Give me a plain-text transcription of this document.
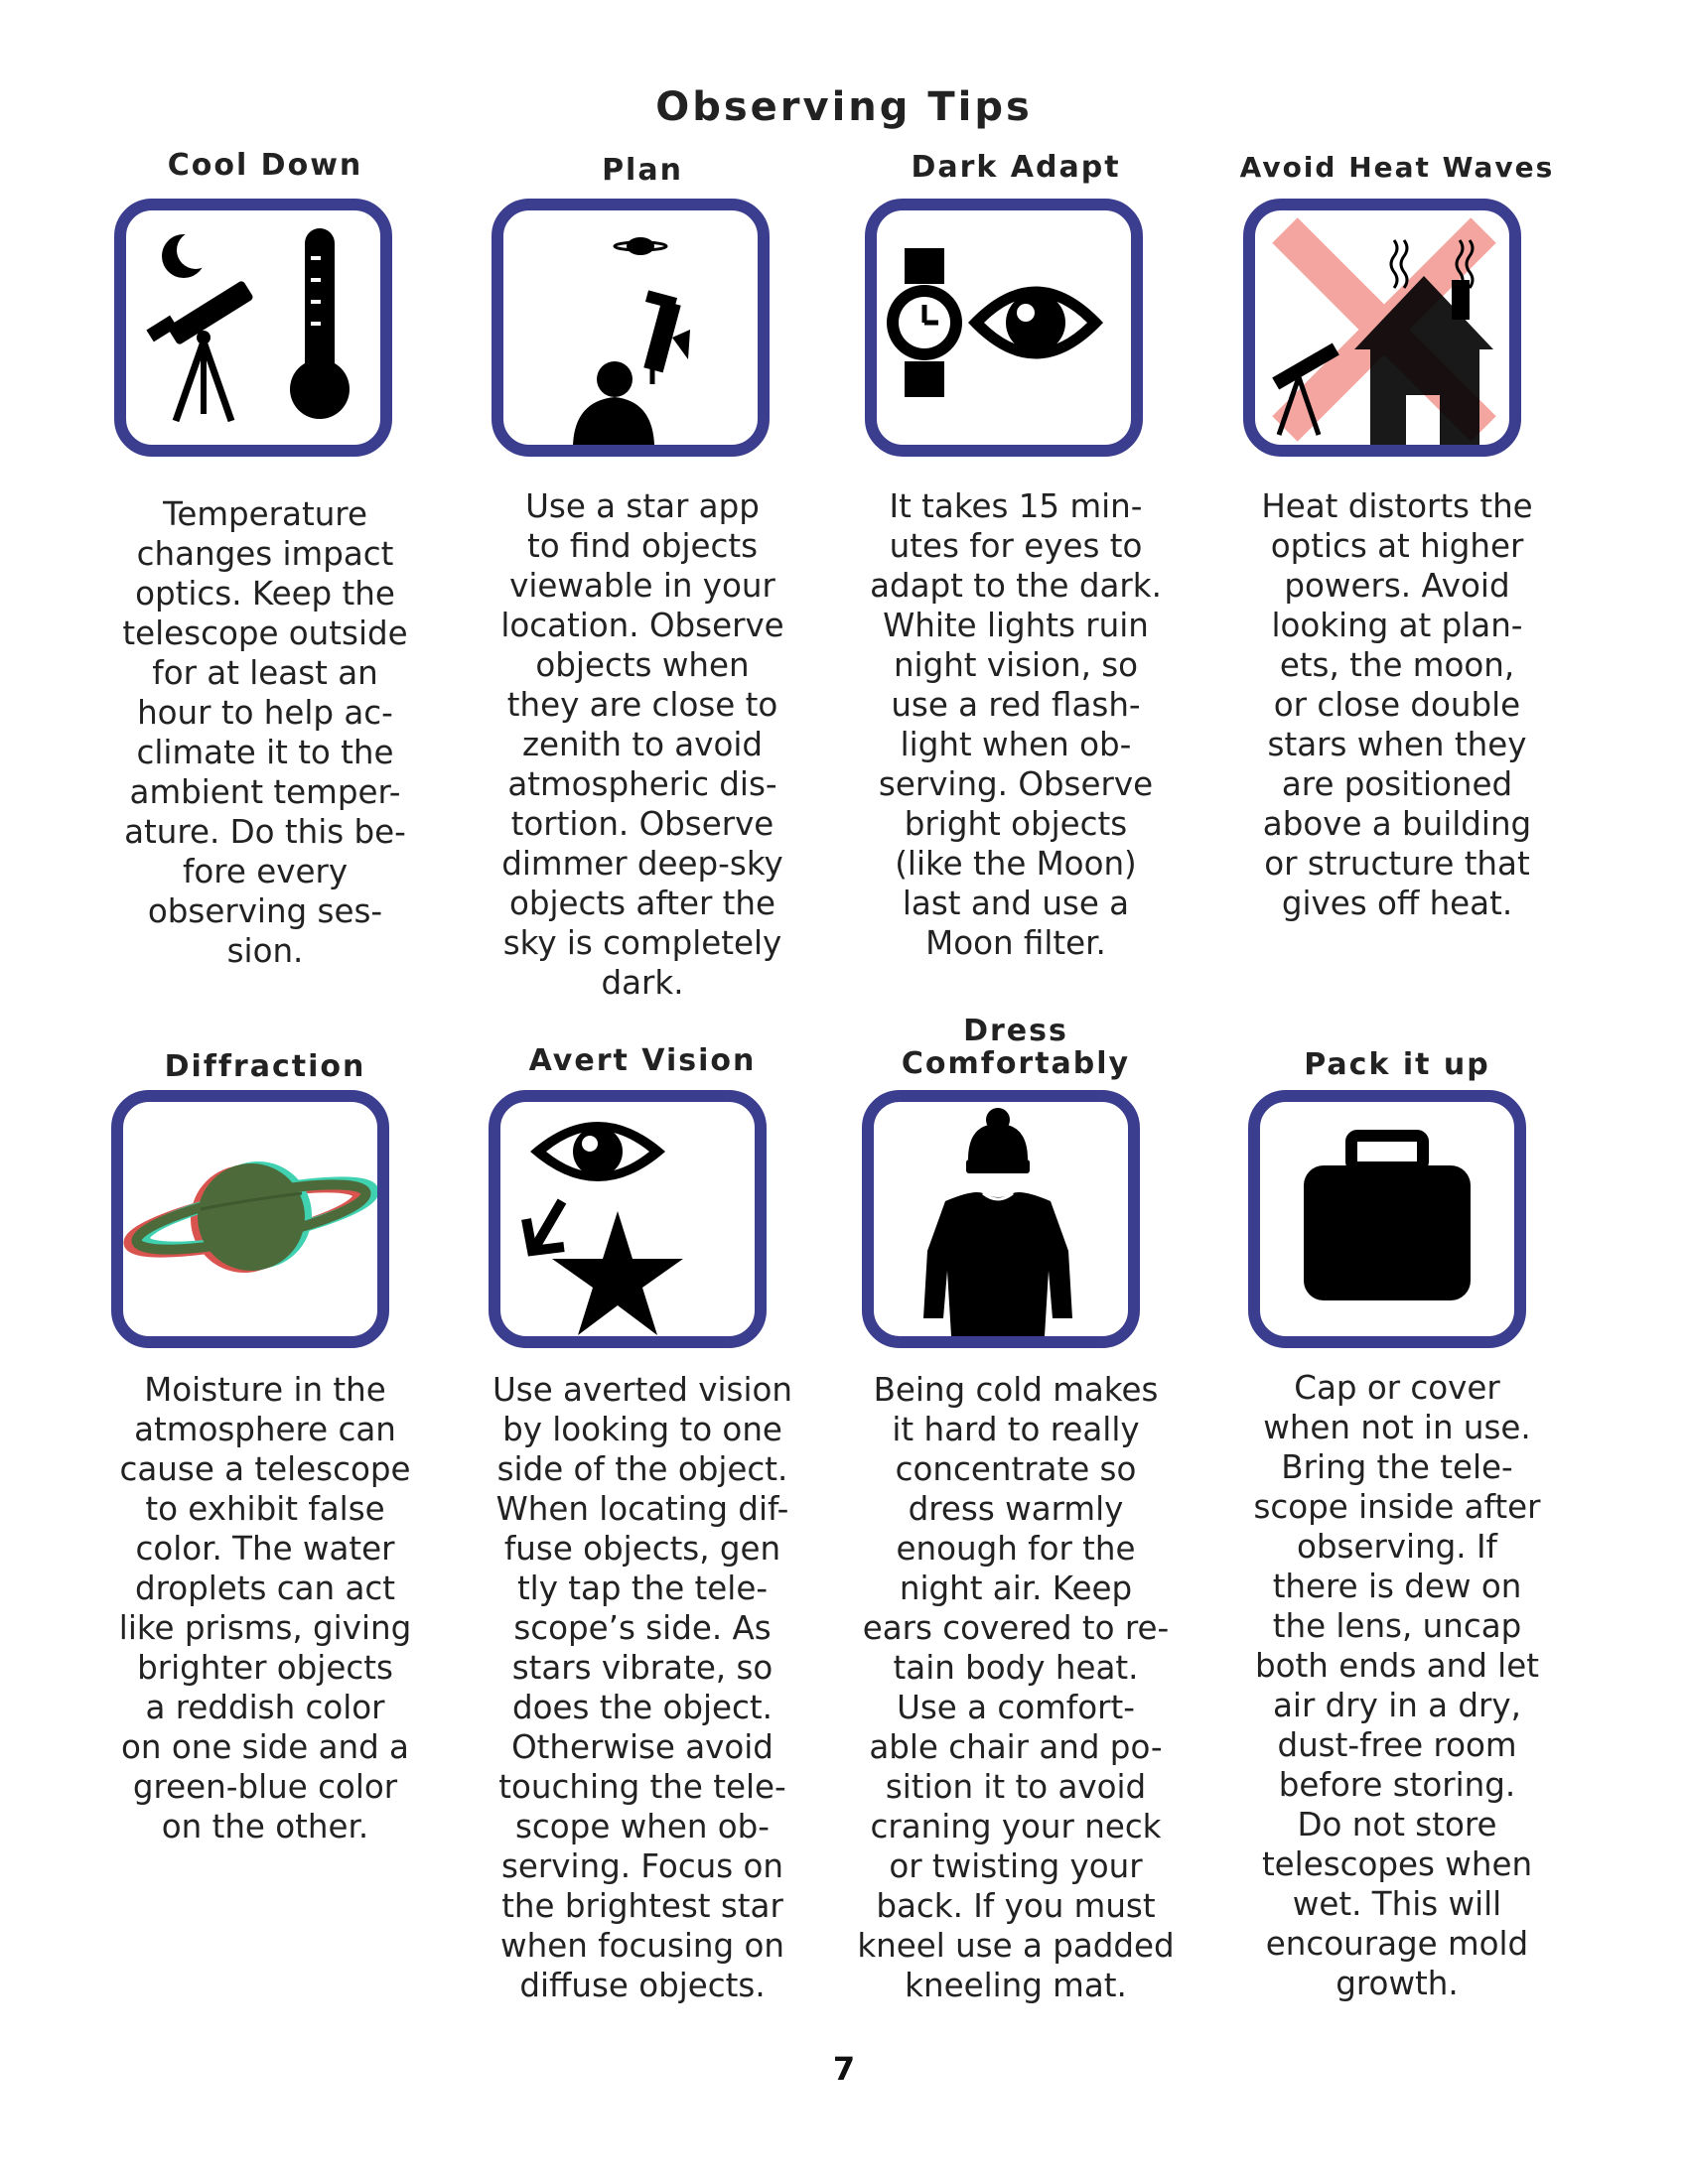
Observing Tips
Cool Down
Temperature
changes impact
optics. Keep the
telescope outside
for at least an
hour to help ac-
climate it to the
ambient temper-
ature. Do this be-
fore every
observing ses-
sion.
Plan
Use a star app
to find objects
viewable in your
location. Observe
objects when
they are close to
zenith to avoid
atmospheric dis-
tortion. Observe
dimmer deep-sky
objects after the
sky is completely
dark.
Dark Adapt
It takes 15 min-
utes for eyes to
adapt to the dark.
White lights ruin
night vision, so
use a red flash-
light when ob-
serving. Observe
bright objects
(like the Moon)
last and use a
Moon filter.
Avoid Heat Waves
Heat distorts the
optics at higher
powers. Avoid
looking at plan-
ets, the moon,
or close double
stars when they
are positioned
above a building
or structure that
gives off heat.
Diffraction
Moisture in the
atmosphere can
cause a telescope
to exhibit false
color. The water
droplets can act
like prisms, giving
brighter objects
a reddish color
on one side and a
green-blue color
on the other.
Avert Vision
Use averted vision
by looking to one
side of the object.
When locating dif-
fuse objects, gen
tly tap the tele-
scope’s side. As
stars vibrate, so
does the object.
Otherwise avoid
touching the tele-
scope when ob-
serving. Focus on
the brightest star
when focusing on
diffuse objects.
Dress
Comfortably
Being cold makes
it hard to really
concentrate so
dress warmly
enough for the
night air. Keep
ears covered to re-
tain body heat.
Use a comfort-
able chair and po-
sition it to avoid
craning your neck
or twisting your
back. If you must
kneel use a padded
kneeling mat.
Pack it up
Cap or cover
when not in use.
Bring the tele-
scope inside after
observing. If
there is dew on
the lens, uncap
both ends and let
air dry in a dry,
dust-free room
before storing.
Do not store
telescopes when
wet. This will
encourage mold
growth.
7
